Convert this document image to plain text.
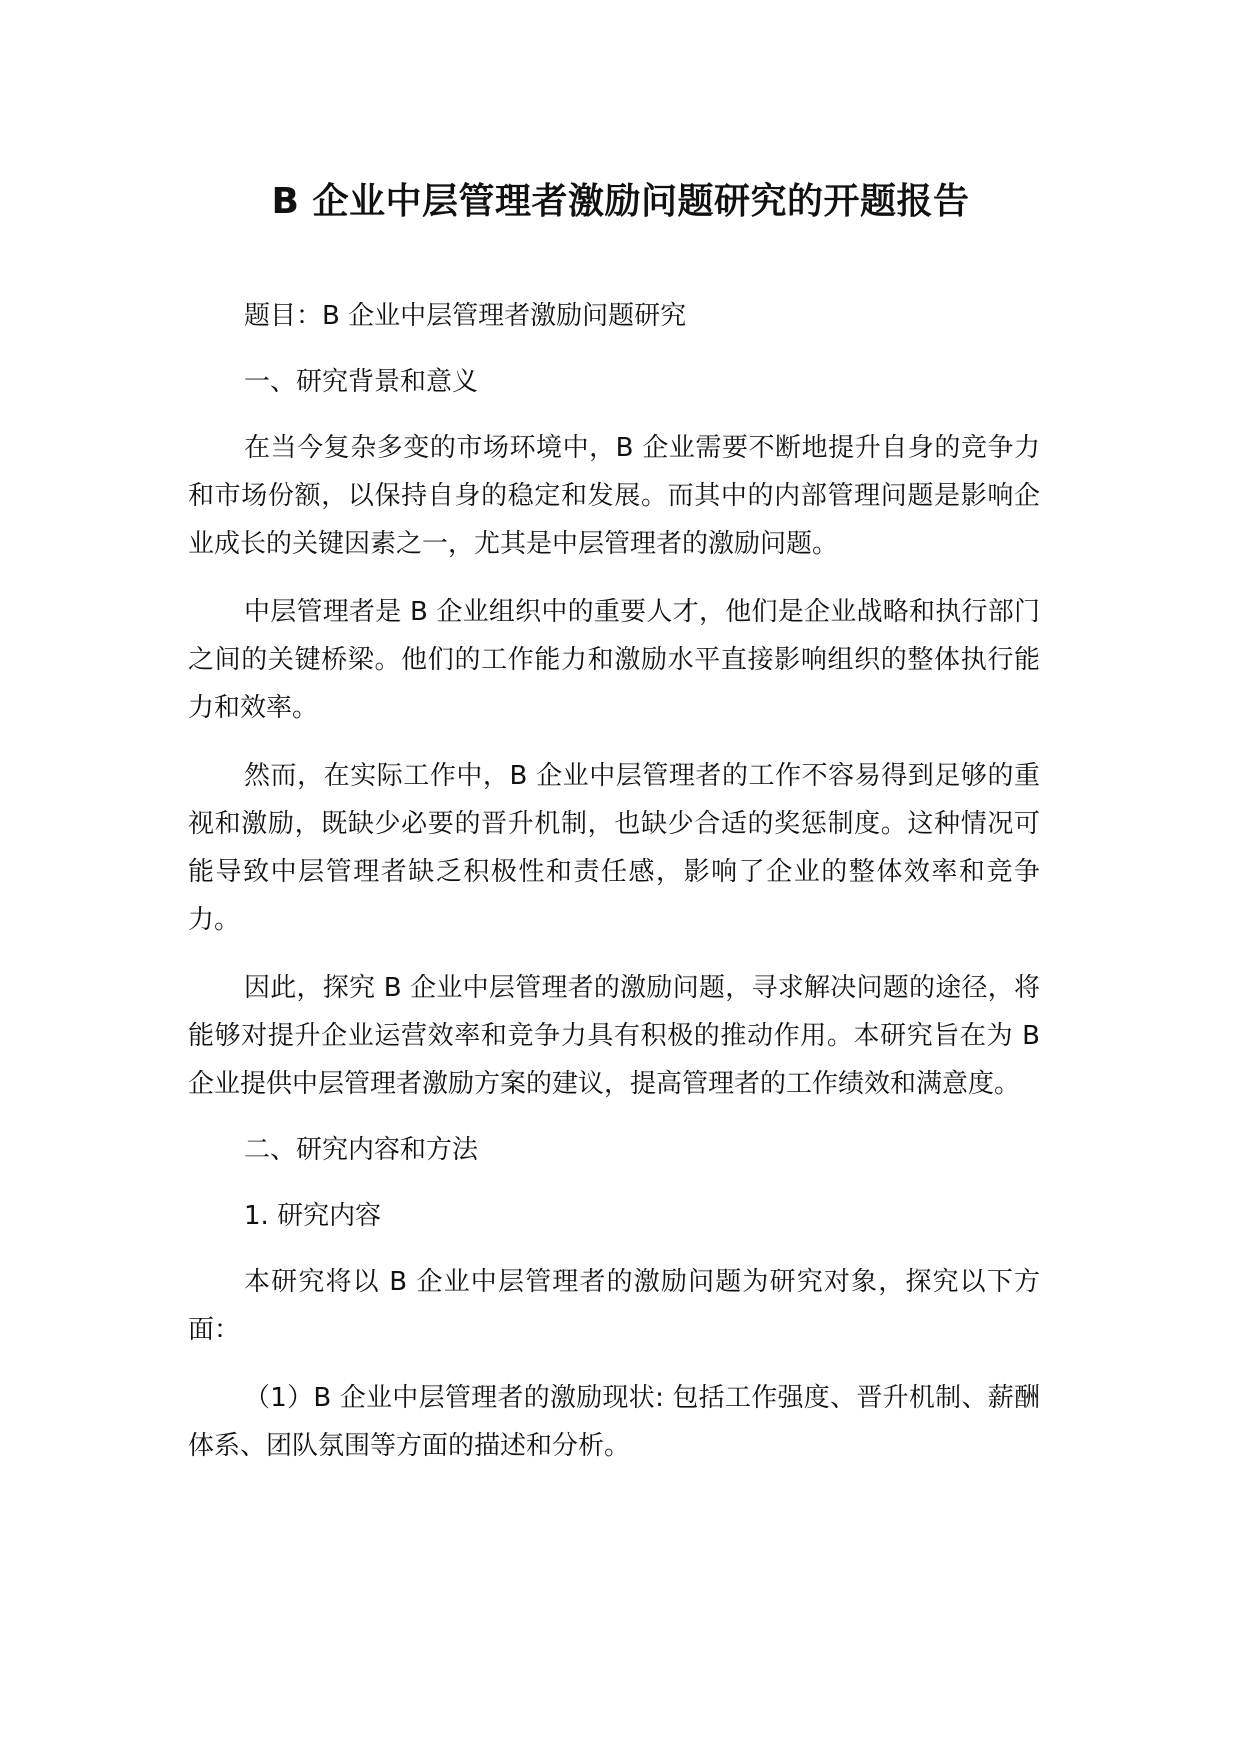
B 企业中层管理者激励问题研究的开题报告

题目：B 企业中层管理者激励问题研究

一、研究背景和意义

在当今复杂多变的市场环境中，B 企业需要不断地提升自身的竞争力和市场份额，以保持自身的稳定和发展。而其中的内部管理问题是影响企业成长的关键因素之一，尤其是中层管理者的激励问题。

中层管理者是 B 企业组织中的重要人才，他们是企业战略和执行部门之间的关键桥梁。他们的工作能力和激励水平直接影响组织的整体执行能力和效率。

然而，在实际工作中，B 企业中层管理者的工作不容易得到足够的重视和激励，既缺少必要的晋升机制，也缺少合适的奖惩制度。这种情况可能导致中层管理者缺乏积极性和责任感，影响了企业的整体效率和竞争力。

因此，探究 B 企业中层管理者的激励问题，寻求解决问题的途径，将能够对提升企业运营效率和竞争力具有积极的推动作用。本研究旨在为 B 企业提供中层管理者激励方案的建议，提高管理者的工作绩效和满意度。

二、研究内容和方法

1. 研究内容

本研究将以 B 企业中层管理者的激励问题为研究对象，探究以下方面：

（1）B 企业中层管理者的激励现状: 包括工作强度、晋升机制、薪酬体系、团队氛围等方面的描述和分析。
